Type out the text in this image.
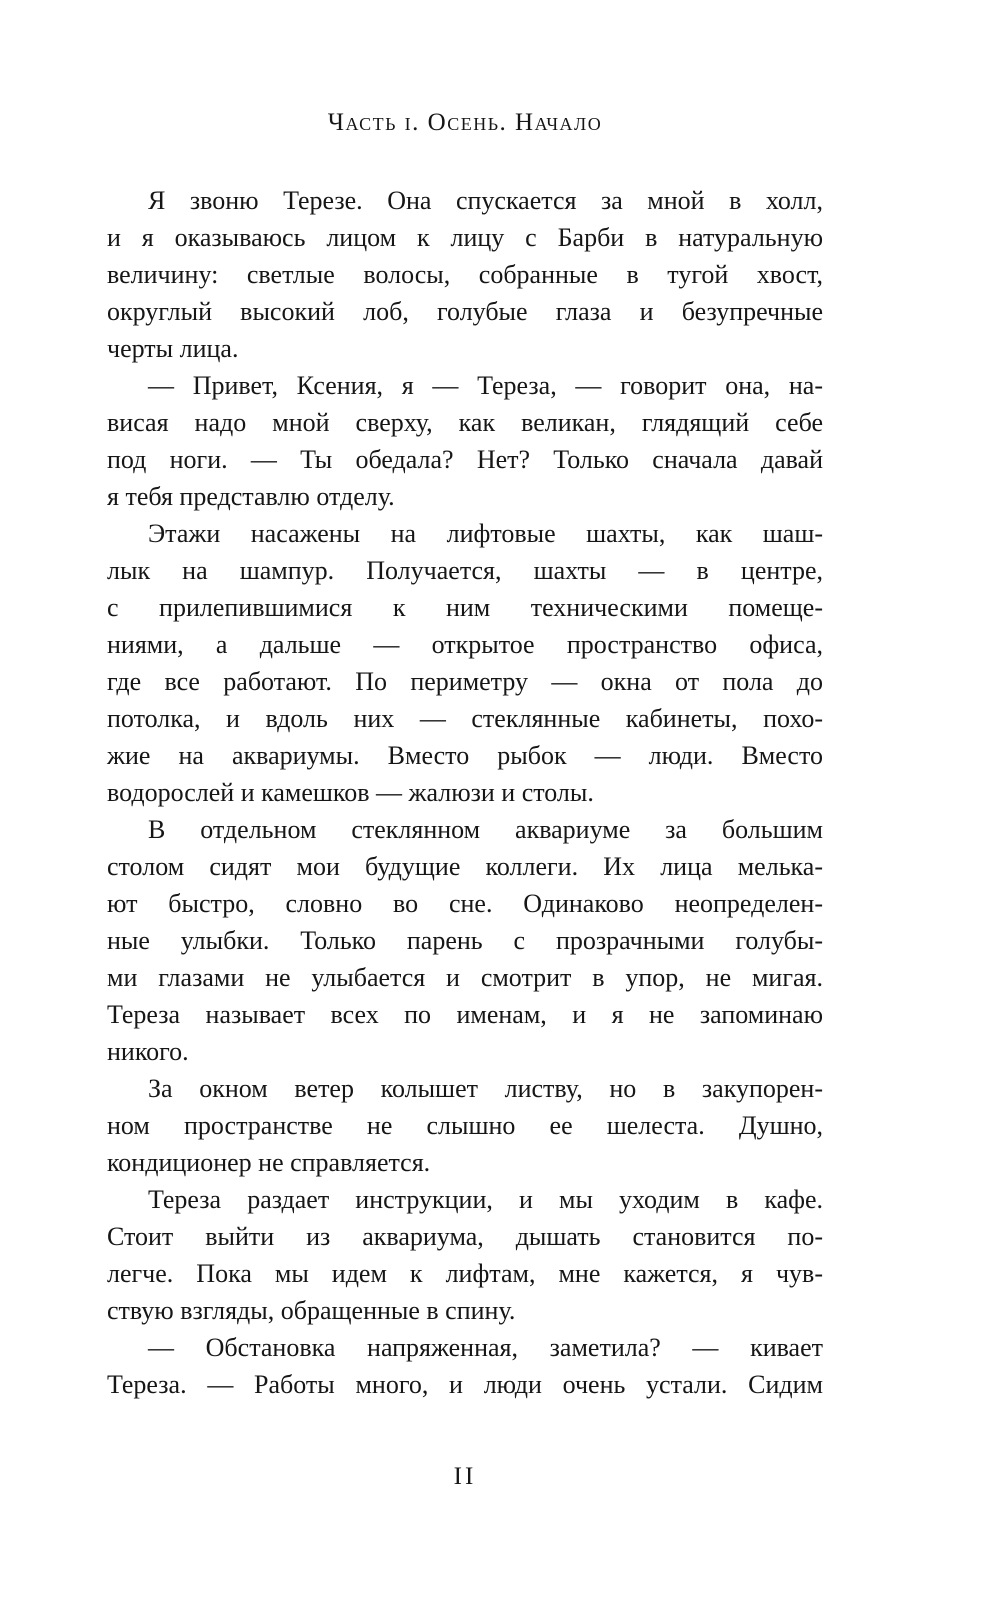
Часть i. Осень. Начало
Я звоню Терезе. Она спускается за мной в холл,
и я оказываюсь лицом к лицу с Барби в натуральную
величину: светлые волосы, собранные в тугой хвост,
округлый высокий лоб, голубые глаза и безупречные
черты лица.
— Привет, Ксения, я — Тереза, — говорит она, на-
висая надо мной сверху, как великан, глядящий себе
под ноги. — Ты обедала? Нет? Только сначала давай
я тебя представлю отделу.
Этажи насажены на лифтовые шахты, как шаш-
лык на шампур. Получается, шахты — в центре,
с прилепившимися к ним техническими помеще-
ниями, а дальше — открытое пространство офиса,
где все работают. По периметру — окна от пола до
потолка, и вдоль них — стеклянные кабинеты, похо-
жие на аквариумы. Вместо рыбок — люди. Вместо
водорослей и камешков — жалюзи и столы.
В отдельном стеклянном аквариуме за большим
столом сидят мои будущие коллеги. Их лица мелька-
ют быстро, словно во сне. Одинаково неопределен-
ные улыбки. Только парень с прозрачными голубы-
ми глазами не улыбается и смотрит в упор, не мигая.
Тереза называет всех по именам, и я не запоминаю
никого.
За окном ветер колышет листву, но в закупорен-
ном пространстве не слышно ее шелеста. Душно,
кондиционер не справляется.
Тереза раздает инструкции, и мы уходим в кафе.
Стоит выйти из аквариума, дышать становится по-
легче. Пока мы идем к лифтам, мне кажется, я чув-
ствую взгляды, обращенные в спину.
— Обстановка напряженная, заметила? — кивает
Тереза. — Работы много, и люди очень устали. Сидим
II
